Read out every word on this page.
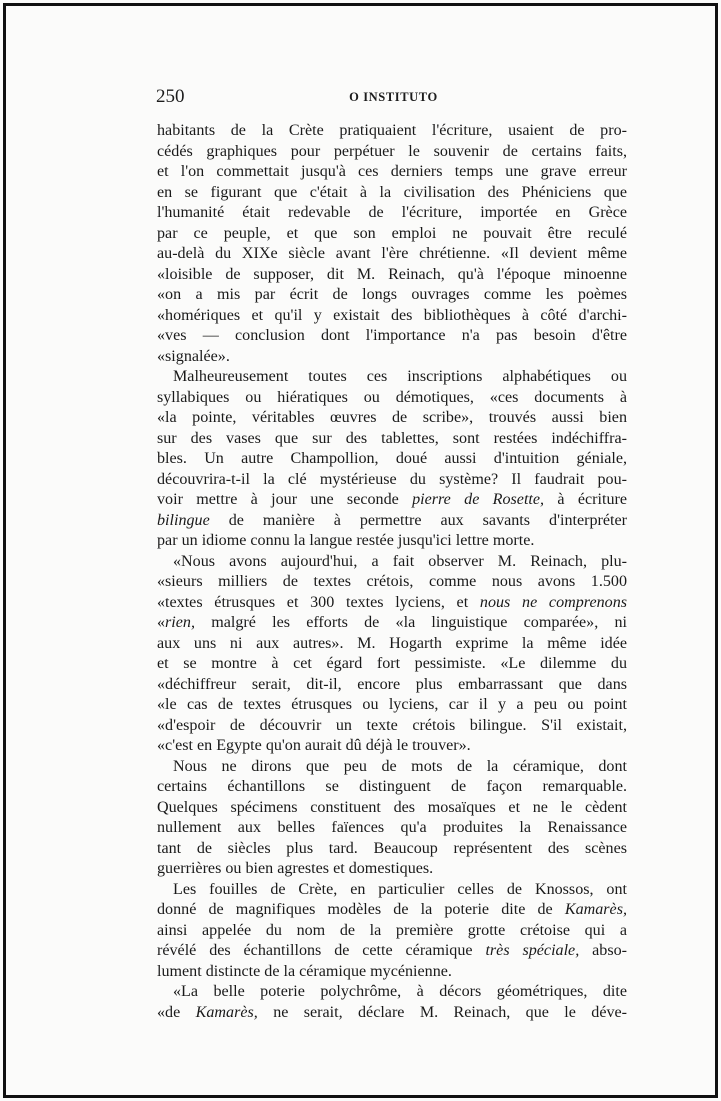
250	O INSTITUTO
habitants de la Crète pratiquaient l'écriture, usaient de pro-
cédés graphiques pour perpétuer le souvenir de certains faits,
et l'on commettait jusqu'à ces derniers temps une grave erreur
en se figurant que c'était à la civilisation des Phéniciens que
l'humanité était redevable de l'écriture, importée en Grèce
par ce peuple, et que son emploi ne pouvait être reculé
au-delà du XIXe siècle avant l'ère chrétienne. «Il devient même
«loisible de supposer, dit M. Reinach, qu'à l'époque minoenne
«on a mis par écrit de longs ouvrages comme les poèmes
«homériques et qu'il y existait des bibliothèques à côté d'archi-
«ves — conclusion dont l'importance n'a pas besoin d'être
«signalée».
Malheureusement toutes ces inscriptions alphabétiques ou
syllabiques ou hiératiques ou démotiques, «ces documents à
«la pointe, véritables œuvres de scribe», trouvés aussi bien
sur des vases que sur des tablettes, sont restées indéchiffra-
bles. Un autre Champollion, doué aussi d'intuition géniale,
découvrira-t-il la clé mystérieuse du système? Il faudrait pou-
voir mettre à jour une seconde pierre de Rosette, à écriture
bilingue de manière à permettre aux savants d'interpréter
par un idiome connu la langue restée jusqu'ici lettre morte.
«Nous avons aujourd'hui, a fait observer M. Reinach, plu-
«sieurs milliers de textes crétois, comme nous avons 1.500
«textes étrusques et 300 textes lyciens, et nous ne comprenons
«rien, malgré les efforts de «la linguistique comparée», ni
aux uns ni aux autres». M. Hogarth exprime la même idée
et se montre à cet égard fort pessimiste. «Le dilemme du
«déchiffreur serait, dit-il, encore plus embarrassant que dans
«le cas de textes étrusques ou lyciens, car il y a peu ou point
«d'espoir de découvrir un texte crétois bilingue. S'il existait,
«c'est en Egypte qu'on aurait dû déjà le trouver».
Nous ne dirons que peu de mots de la céramique, dont
certains échantillons se distinguent de façon remarquable.
Quelques spécimens constituent des mosaïques et ne le cèdent
nullement aux belles faïences qu'a produites la Renaissance
tant de siècles plus tard. Beaucoup représentent des scènes
guerrières ou bien agrestes et domestiques.
Les fouilles de Crète, en particulier celles de Knossos, ont
donné de magnifiques modèles de la poterie dite de Kamarès,
ainsi appelée du nom de la première grotte crétoise qui a
révélé des échantillons de cette céramique très spéciale, abso-
lument distincte de la céramique mycénienne.
«La belle poterie polychrôme, à décors géométriques, dite
«de Kamarès, ne serait, déclare M. Reinach, que le déve-
